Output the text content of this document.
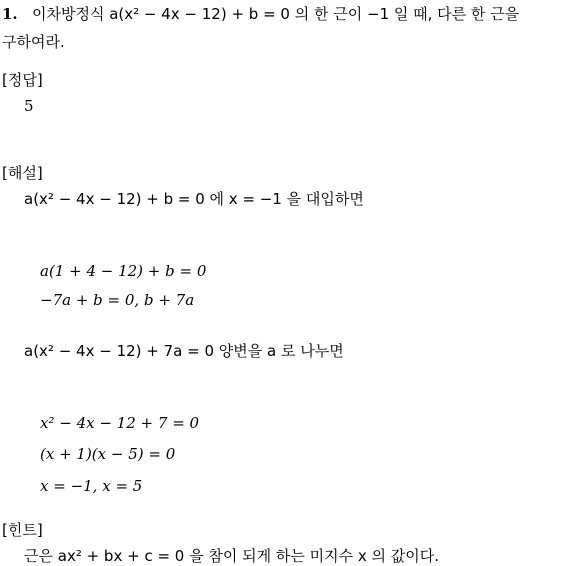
1. 이차방정식 a(x² − 4x − 12) + b = 0 의 한 근이 −1 일 때, 다른 한 근을
구하여라.
[정답]
5
[해설]
a(x² − 4x − 12) + b = 0 에 x = −1 을 대입하면
a(1 + 4 − 12) + b = 0
−7a + b = 0, b + 7a
a(x² − 4x − 12) + 7a = 0 양변을 a 로 나누면
x² − 4x − 12 + 7 = 0
(x + 1)(x − 5) = 0
x = −1, x = 5
[힌트]
근은 ax² + bx + c = 0 을 참이 되게 하는 미지수 x 의 값이다.
